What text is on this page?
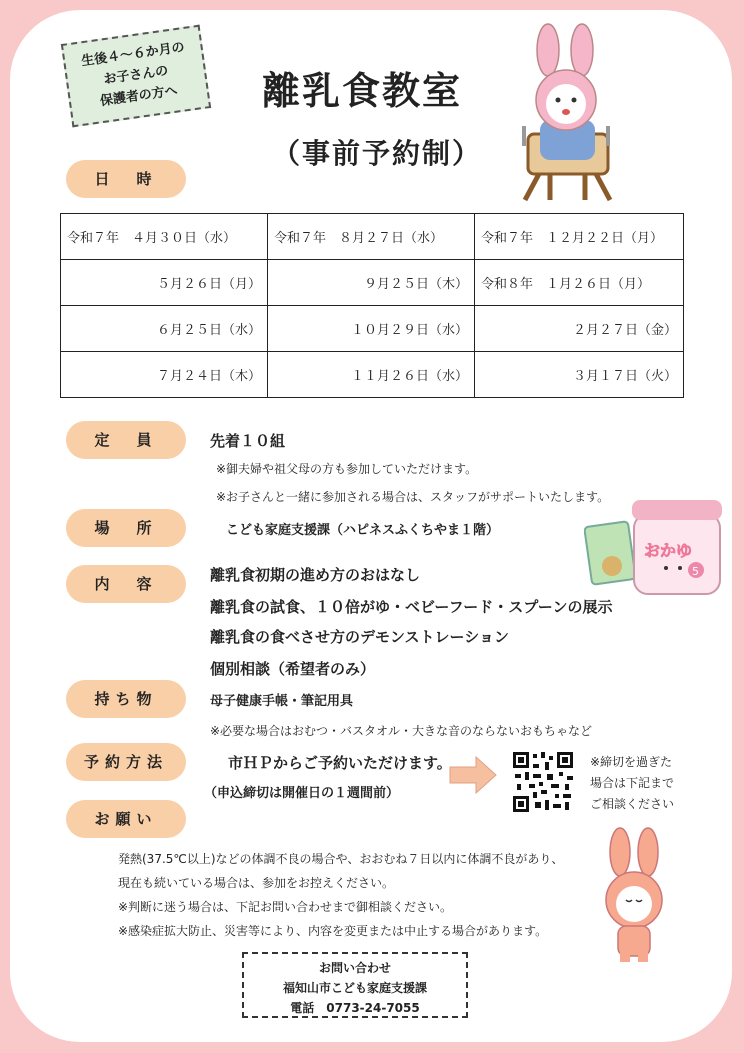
生後４～６か月の
お子さんの
保護者の方へ	離乳食教室
（事前予約制）
日　時
令和７年　４月３０日（水）	令和７年　８月２７日（水）	令和７年　１２月２２日（月）
５月２６日（月）	９月２５日（木）	令和８年　１月２６日（月）
６月２５日（水）	１０月２９日（水）	２月２７日（金）
７月２４日（木）	１１月２６日（水）	３月１７日（火）
定　員	先着１０組
※御夫婦や祖父母の方も参加していただけます。
※お子さんと一緒に参加される場合は、スタッフがサポートいたします。
場　所	こども家庭支援課（ハピネスふくちやま１階）
おかゆ
5
内　容	離乳食初期の進め方のおはなし
離乳食の試食、１０倍がゆ・ベビーフード・スプーンの展示
離乳食の食べさせ方のデモンストレーション
個別相談（希望者のみ）
持ち物	母子健康手帳・筆記用具
※必要な場合はおむつ・バスタオル・大きな音のならないおもちゃなど
予約方法	市ＨＰからご予約いただけます。
（申込締切は開催日の１週間前）
※締切を過ぎた
場合は下記まで
ご相談ください
お願い
発熱(37.5℃以上)などの体調不良の場合や、おおむね７日以内に体調不良があり、
現在も続いている場合は、参加をお控えください。
※判断に迷う場合は、下記お問い合わせまで御相談ください。
※感染症拡大防止、災害等により、内容を変更または中止する場合があります。
お問い合わせ
福知山市こども家庭支援課
電話　0773-24-7055
